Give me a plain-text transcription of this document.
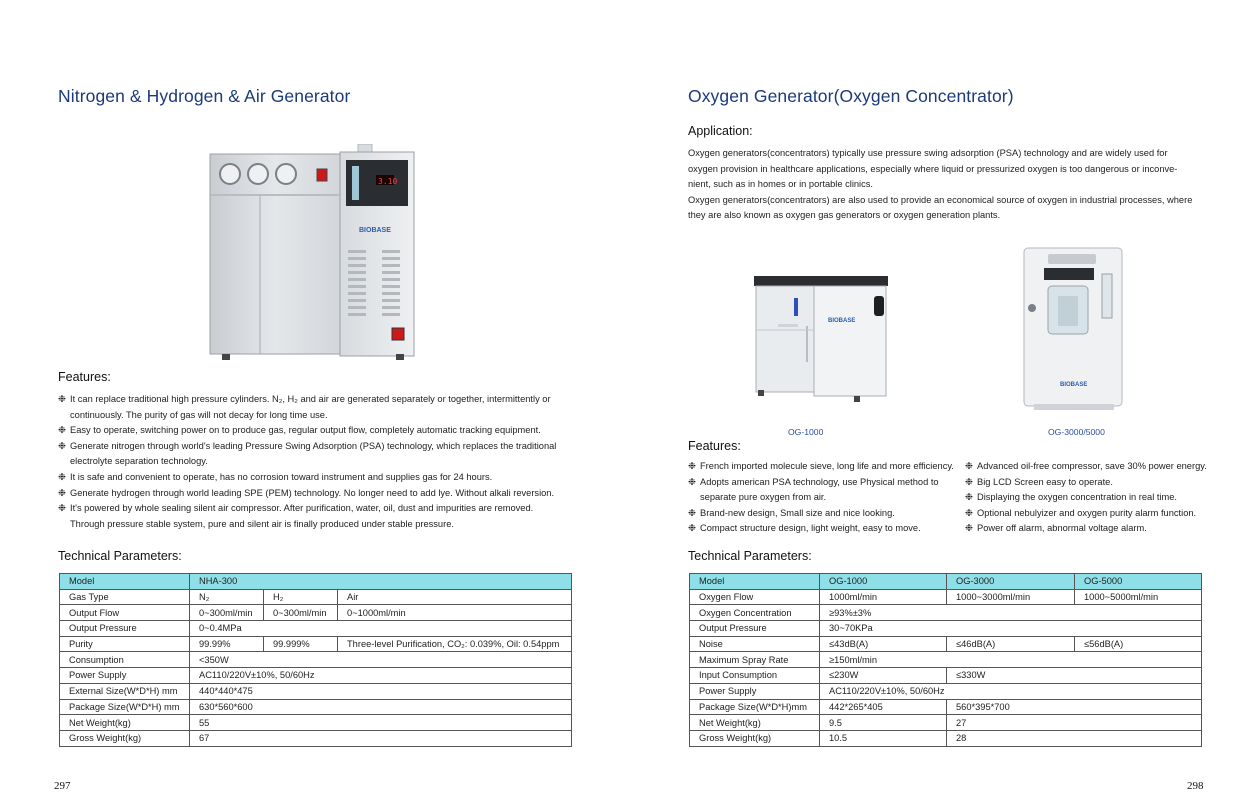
Nitrogen & Hydrogen & Air Generator
3.10
BIOBASE
Features:
❉ It can replace traditional high pressure cylinders. N₂, H₂ and air are generated separately or together, intermittently or
continuously. The purity of gas will not decay for long time use.
❉ Easy to operate, switching power on to produce gas, regular output flow, completely automatic tracking equipment.
❉ Generate nitrogen through world's leading Pressure Swing Adsorption (PSA) technology, which replaces the traditional
electrolyte separation technology.
❉ It is safe and convenient to operate, has no corrosion toward instrument and supplies gas for 24 hours.
❉ Generate hydrogen through world leading SPE (PEM) technology. No longer need to add lye. Without alkali reversion.
❉ It's powered by whole sealing silent air compressor. After purification, water, oil, dust and impurities are removed.
Through pressure stable system, pure and silent air is finally produced under stable pressure.
Technical Parameters:
Model	NHA-300		
Gas Type	N₂	H₂	Air
Output Flow	0~300ml/min	0~300ml/min	0~1000ml/min
Output Pressure	0~0.4MPa		
Purity	99.99%	99.999%	Three-level Purification, CO₂: 0.039%, Oil: 0.54ppm
Consumption	<350W		
Power Supply	AC110/220V±10%, 50/60Hz		
External Size(W*D*H) mm	440*440*475		
Package Size(W*D*H) mm	630*560*600		
Net Weight(kg)	55		
Gross Weight(kg)	67		
297
Oxygen Generator(Oxygen Concentrator)
Application:
Oxygen generators(concentrators) typically use pressure swing adsorption (PSA) technology and are widely used for
oxygen provision in healthcare applications, especially where liquid or pressurized oxygen is too dangerous or inconve-
nient, such as in homes or in portable clinics.
Oxygen generators(concentrators) are also used to provide an economical source of oxygen in industrial processes, where
they are also known as oxygen gas generators or oxygen generation plants.
BIOBASE
BIOBASE
OG-1000	OG-3000/5000
Features:
❉ French imported molecule sieve, long life and more efficiency.
❉ Adopts american PSA technology, use Physical method to
separate pure oxygen from air.
❉ Brand-new design, Small size and nice looking.
❉ Compact structure design, light weight, easy to move.
❉ Advanced oil-free compressor, save 30% power energy.
❉ Big LCD Screen easy to operate.
❉ Displaying the oxygen concentration in real time.
❉ Optional nebulyizer and oxygen purity alarm function.
❉ Power off alarm, abnormal voltage alarm.
Technical Parameters:
Model	OG-1000	OG-3000	OG-5000
Oxygen Flow	1000ml/min	1000~3000ml/min	1000~5000ml/min
Oxygen Concentration	≥93%±3%		
Output Pressure	30~70KPa		
Noise	≤43dB(A)	≤46dB(A)	≤56dB(A)
Maximum Spray Rate	≥150ml/min		
Input Consumption	≤230W	≤330W	
Power Supply	AC110/220V±10%, 50/60Hz		
Package Size(W*D*H)mm	442*265*405	560*395*700	
Net Weight(kg)	9.5	27	
Gross Weight(kg)	10.5	28	
298
